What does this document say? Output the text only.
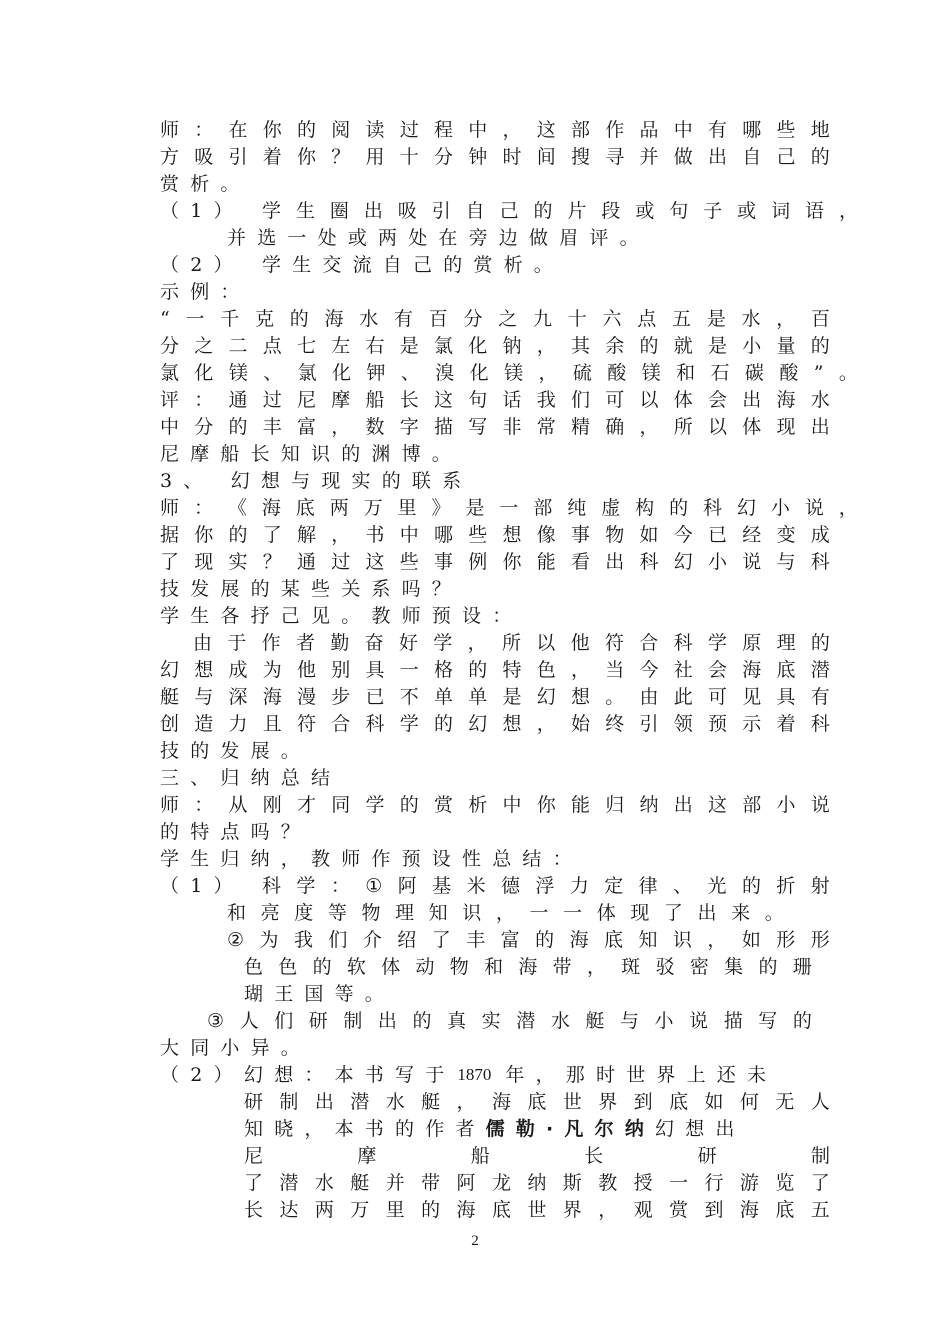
师 ： 在 你 的 阅 读 过 程 中 ， 这 部 作 品 中 有 哪 些 地
方 吸 引 着 你 ？ 用 十 分 钟 时 间 搜 寻 并 做 出 自 己 的
赏析。
（1） 学 生 圈 出 吸 引 自 己 的 片 段 或 句 子 或 词 语 ，
并选一处或两处在旁边做眉评。
（2） 学生交流自己的赏析。
示例：
“ 一 千 克 的 海 水 有 百 分 之 九 十 六 点 五 是 水 ， 百
分 之 二 点 七 左 右 是 氯 化 钠 ， 其 余 的 就 是 小 量 的
氯 化 镁 、 氯 化 钾 、 溴 化 镁 ， 硫 酸 镁 和 石 碳 酸 ” 。
评 ： 通 过 尼 摩 船 长 这 句 话 我 们 可 以 体 会 出 海 水
中 分 的 丰 富 ， 数 字 描 写 非 常 精 确 ， 所 以 体 现 出
尼摩船长知识的渊博。
3、 幻想与现实的联系
师 ： 《 海 底 两 万 里 》 是 一 部 纯 虚 构 的 科 幻 小 说 ，
据 你 的 了 解 ， 书 中 哪 些 想 像 事 物 如 今 已 经 变 成
了 现 实 ？ 通 过 这 些 事 例 你 能 看 出 科 幻 小 说 与 科
技发展的某些关系吗？
学生各抒己见。教师预设：
由 于 作 者 勤 奋 好 学 ， 所 以 他 符 合 科 学 原 理 的
幻 想 成 为 他 别 具 一 格 的 特 色 ， 当 今 社 会 海 底 潜
艇 与 深 海 漫 步 已 不 单 单 是 幻 想 。 由 此 可 见 具 有
创 造 力 且 符 合 科 学 的 幻 想 ， 始 终 引 领 预 示 着 科
技的发展。
三、归纳总结
师 ： 从 刚 才 同 学 的 赏 析 中 你 能 归 纳 出 这 部 小 说
的特点吗？
学生归纳，教师作预设性总结：
（1） 科 学 ： ① 阿 基 米 德 浮 力 定 律 、 光 的 折 射
和 亮 度 等 物 理 知 识 ， 一 一 体 现 了 出 来 。
② 为 我 们 介 绍 了 丰 富 的 海 底 知 识 ， 如 形 形
色 色 的 软 体 动 物 和 海 带 ， 斑 驳 密 集 的 珊
瑚王国等。
③ 人 们 研 制 出 的 真 实 潜 水 艇 与 小 说 描 写 的
大同小异。
（2） 幻想：本书写于 1870 年，那时世界上还未
研 制 出 潜 水 艇 ， 海 底 世 界 到 底 如 何 无 人
知晓，本书的作者 儒勒·凡尔纳 幻想出
尼	摩	船	长	研	制
了 潜 水 艇 并 带 阿 龙 纳 斯 教 授 一 行 游 览 了
长 达 两 万 里 的 海 底 世 界 ， 观 赏 到 海 底 五
2
